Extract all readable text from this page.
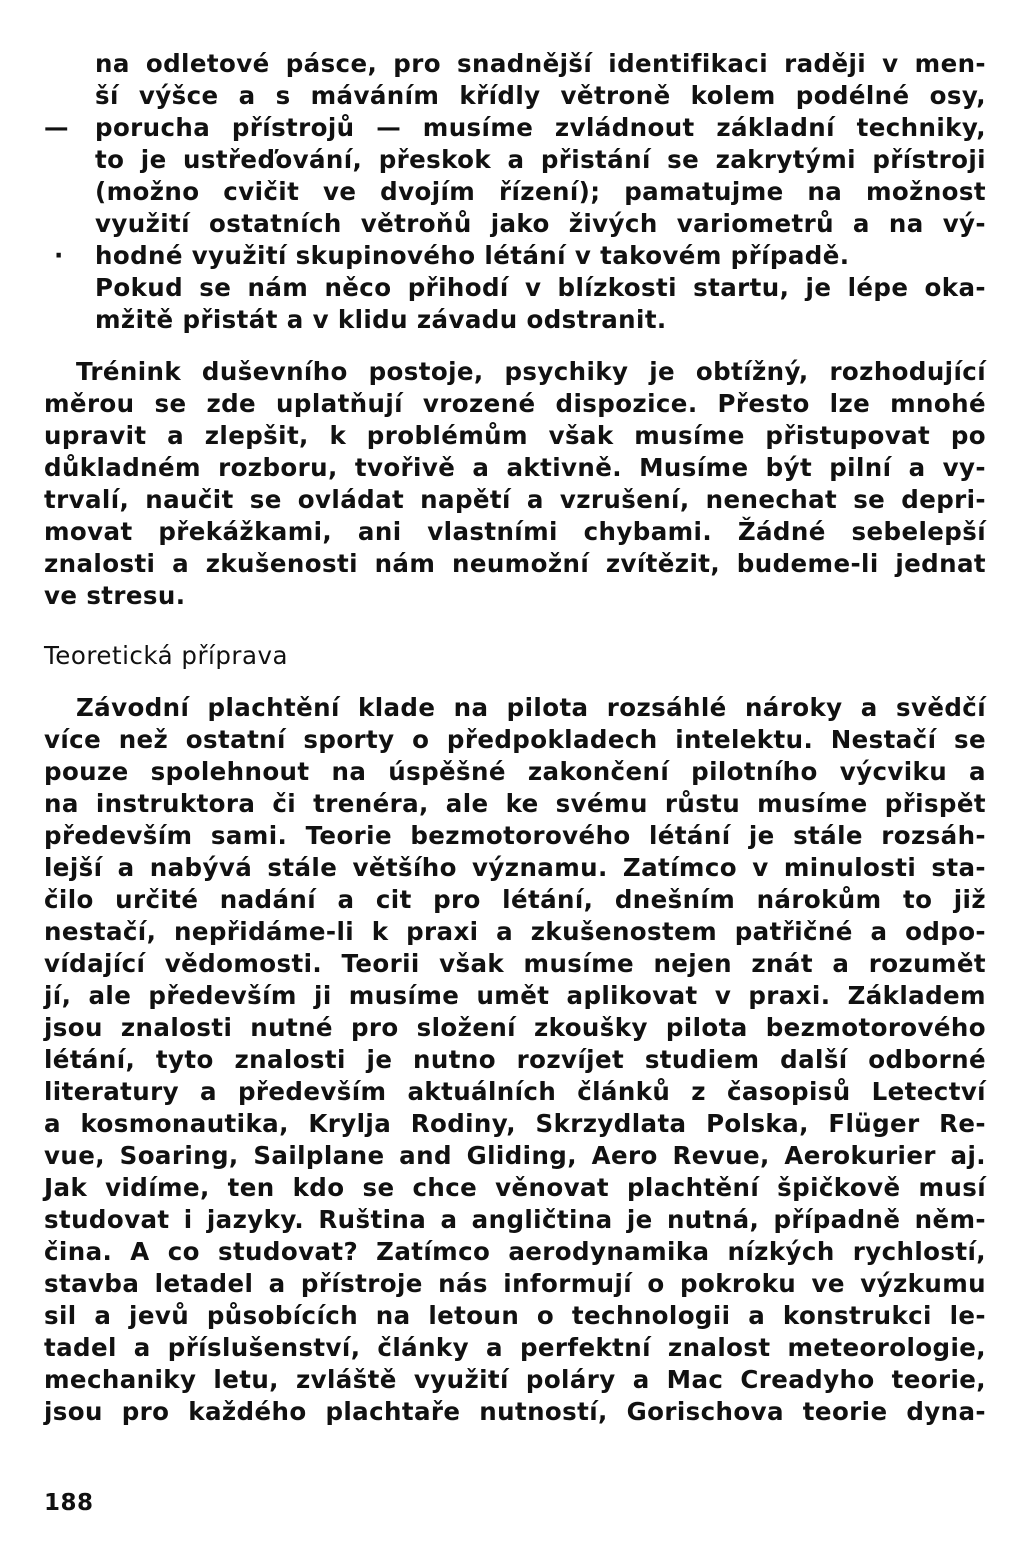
na odletové pásce, pro snadnější identifikaci raději v men-
ší výšce a s máváním křídly větroně kolem podélné osy,
—	porucha přístrojů — musíme zvládnout základní techniky,
to je ustřeďování, přeskok a přistání se zakrytými přístroji
(možno cvičit ve dvojím řízení); pamatujme na možnost
využití ostatních větroňů jako živých variometrů a na vý-
· hodné využití skupinového létání v takovém případě.
Pokud se nám něco přihodí v blízkosti startu, je lépe oka-
mžitě přistát a v klidu závadu odstranit.
Trénink duševního postoje, psychiky je obtížný, rozhodující
měrou se zde uplatňují vrozené dispozice. Přesto lze mnohé
upravit a zlepšit, k problémům však musíme přistupovat po
důkladném rozboru, tvořivě a aktivně. Musíme být pilní a vy-
trvalí, naučit se ovládat napětí a vzrušení, nenechat se depri-
movat překážkami, ani vlastními chybami. Žádné sebelepší
znalosti a zkušenosti nám neumožní zvítězit, budeme-li jednat
ve stresu.
Teoretická příprava
Závodní plachtění klade na pilota rozsáhlé nároky a svědčí
více než ostatní sporty o předpokladech intelektu. Nestačí se
pouze spolehnout na úspěšné zakončení pilotního výcviku a
na instruktora či trenéra, ale ke svému růstu musíme přispět
především sami. Teorie bezmotorového létání je stále rozsáh-
lejší a nabývá stále většího významu. Zatímco v minulosti sta-
čilo určité nadání a cit pro létání, dnešním nárokům to již
nestačí, nepřidáme-li k praxi a zkušenostem patřičné a odpo-
vídající vědomosti. Teorii však musíme nejen znát a rozumět
jí, ale především ji musíme umět aplikovat v praxi. Základem
jsou znalosti nutné pro složení zkoušky pilota bezmotorového
létání, tyto znalosti je nutno rozvíjet studiem další odborné
literatury a především aktuálních článků z časopisů Letectví
a kosmonautika, Krylja Rodiny, Skrzydlata Polska, Flüger Re-
vue, Soaring, Sailplane and Gliding, Aero Revue, Aerokurier aj.
Jak vidíme, ten kdo se chce věnovat plachtění špičkově musí
studovat i jazyky. Ruština a angličtina je nutná, případně něm-
čina. A co studovat? Zatímco aerodynamika nízkých rychlostí,
stavba letadel a přístroje nás informují o pokroku ve výzkumu
sil a jevů působících na letoun o technologii a konstrukci le-
tadel a příslušenství, články a perfektní znalost meteorologie,
mechaniky letu, zvláště využití poláry a Mac Creadyho teorie,
jsou pro každého plachtaře nutností, Gorischova teorie dyna-
188
